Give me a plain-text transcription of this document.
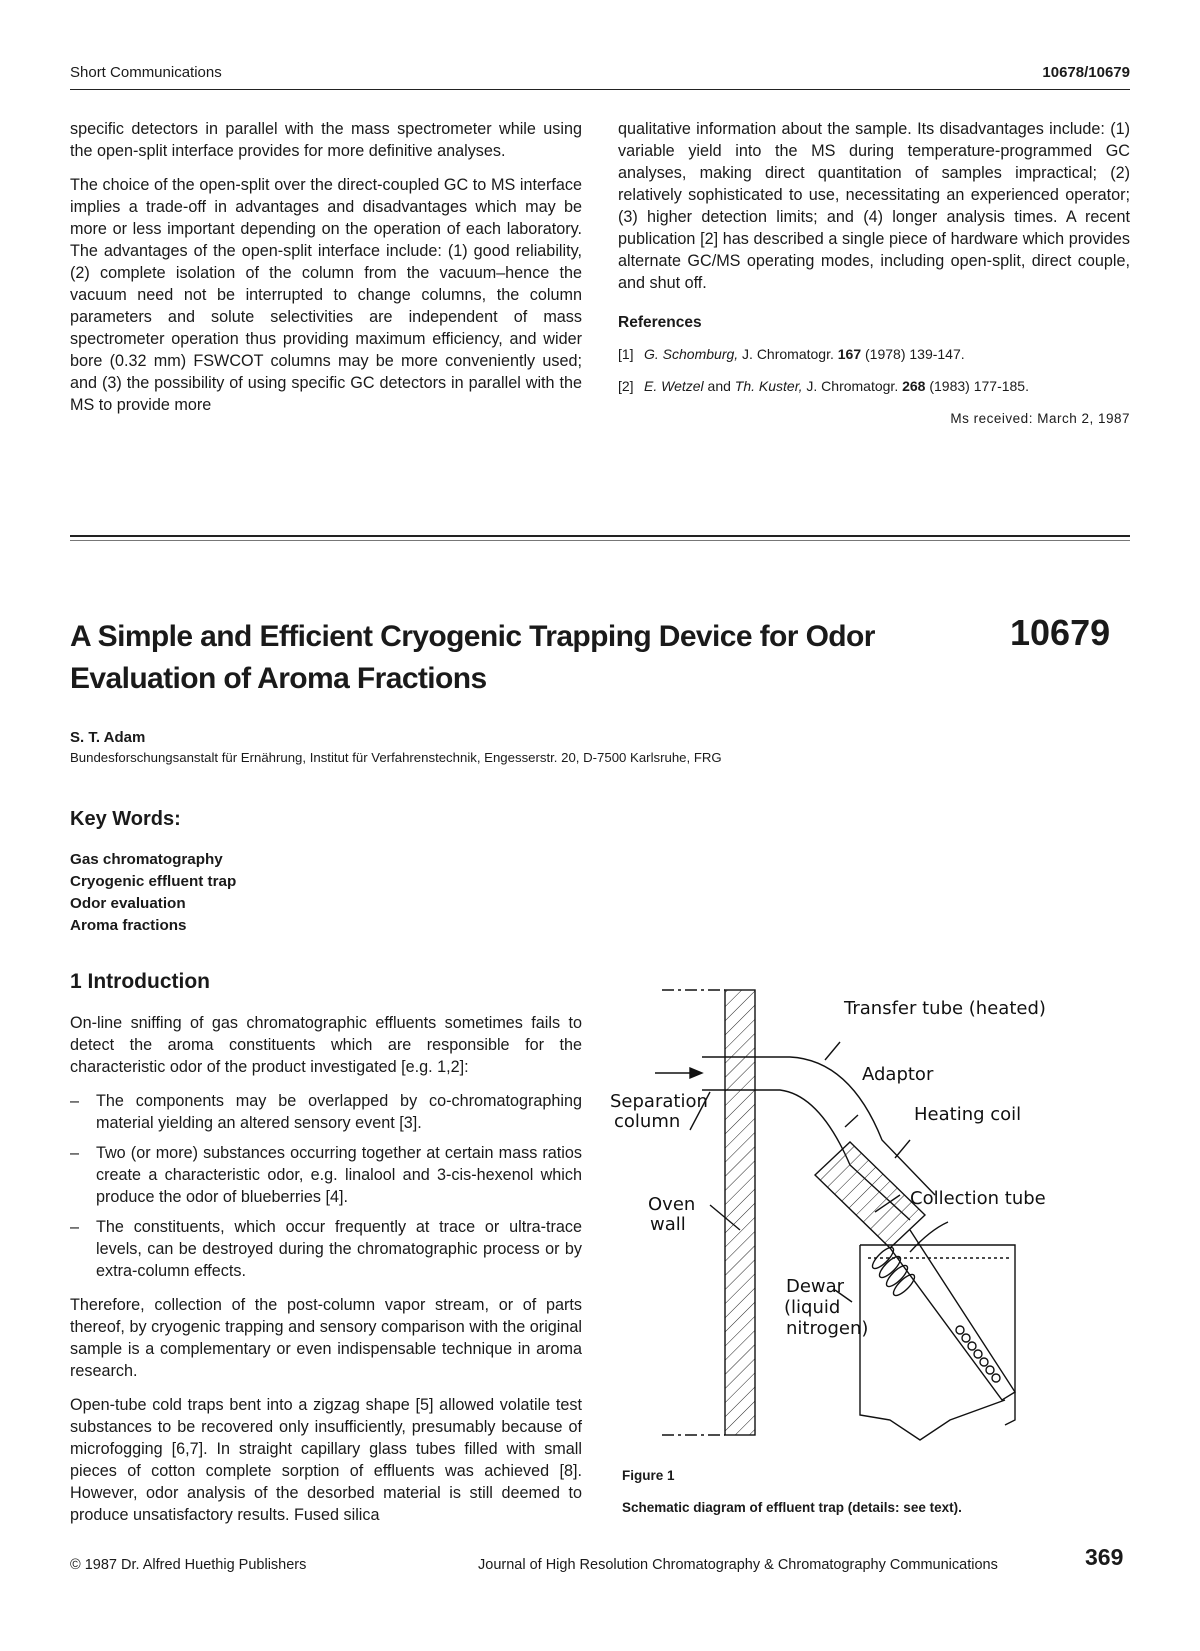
Short Communications	10678/10679

specific detectors in parallel with the mass spectrometer while using the open-split interface provides for more definitive analyses.

The choice of the open-split over the direct-coupled GC to MS interface implies a trade-off in advantages and disadvantages which may be more or less important depending on the operation of each laboratory. The advantages of the open-split interface include: (1) good reliability, (2) complete isolation of the column from the vacuum–hence the vacuum need not be interrupted to change columns, the column parameters and solute selectivities are independent of mass spectrometer operation thus providing maximum efficiency, and wider bore (0.32 mm) FSWCOT columns may be more conveniently used; and (3) the possibility of using specific GC detectors in parallel with the MS to provide more

qualitative information about the sample. Its disadvantages include: (1) variable yield into the MS during temperature-programmed GC analyses, making direct quantitation of samples impractical; (2) relatively sophisticated to use, necessitating an experienced operator; (3) higher detection limits; and (4) longer analysis times. A recent publication [2] has described a single piece of hardware which provides alternate GC/MS operating modes, including open-split, direct couple, and shut off.

References
[1] G. Schomburg, J. Chromatogr. 167 (1978) 139-147.
[2] E. Wetzel and Th. Kuster, J. Chromatogr. 268 (1983) 177-185.
Ms received: March 2, 1987
A Simple and Efficient Cryogenic Trapping Device for Odor Evaluation of Aroma Fractions
10679
S. T. Adam
Bundesforschungsanstalt für Ernährung, Institut für Verfahrenstechnik, Engesserstr. 20, D-7500 Karlsruhe, FRG
Key Words:
Gas chromatography
Cryogenic effluent trap
Odor evaluation
Aroma fractions
1 Introduction

On-line sniffing of gas chromatographic effluents sometimes fails to detect the aroma constituents which are responsible for the characteristic odor of the product investigated [e.g. 1,2]:

–	The components may be overlapped by co-chromatographing material yielding an altered sensory event [3].
–	Two (or more) substances occurring together at certain mass ratios create a characteristic odor, e.g. linalool and 3-cis-hexenol which produce the odor of blueberries [4].
–	The constituents, which occur frequently at trace or ultra-trace levels, can be destroyed during the chromatographic process or by extra-column effects.

Therefore, collection of the post-column vapor stream, or of parts thereof, by cryogenic trapping and sensory comparison with the original sample is a complementary or even indispensable technique in aroma research.

Open-tube cold traps bent into a zigzag shape [5] allowed volatile test substances to be recovered only insufficiently, presumably because of microfogging [6,7]. In straight capillary glass tubes filled with small pieces of cotton complete sorption of effluents was achieved [8]. However, odor analysis of the desorbed material is still deemed to produce unsatisfactory results. Fused silica

Transfer tube (heated)
Adaptor
Heating coil
Separation
column
Oven
wall
Collection tube
Dewar
(liquid
nitrogen)
Figure 1
Schematic diagram of effluent trap (details: see text).
© 1987 Dr. Alfred Huethig Publishers	Journal of High Resolution Chromatography & Chromatography Communications	369
